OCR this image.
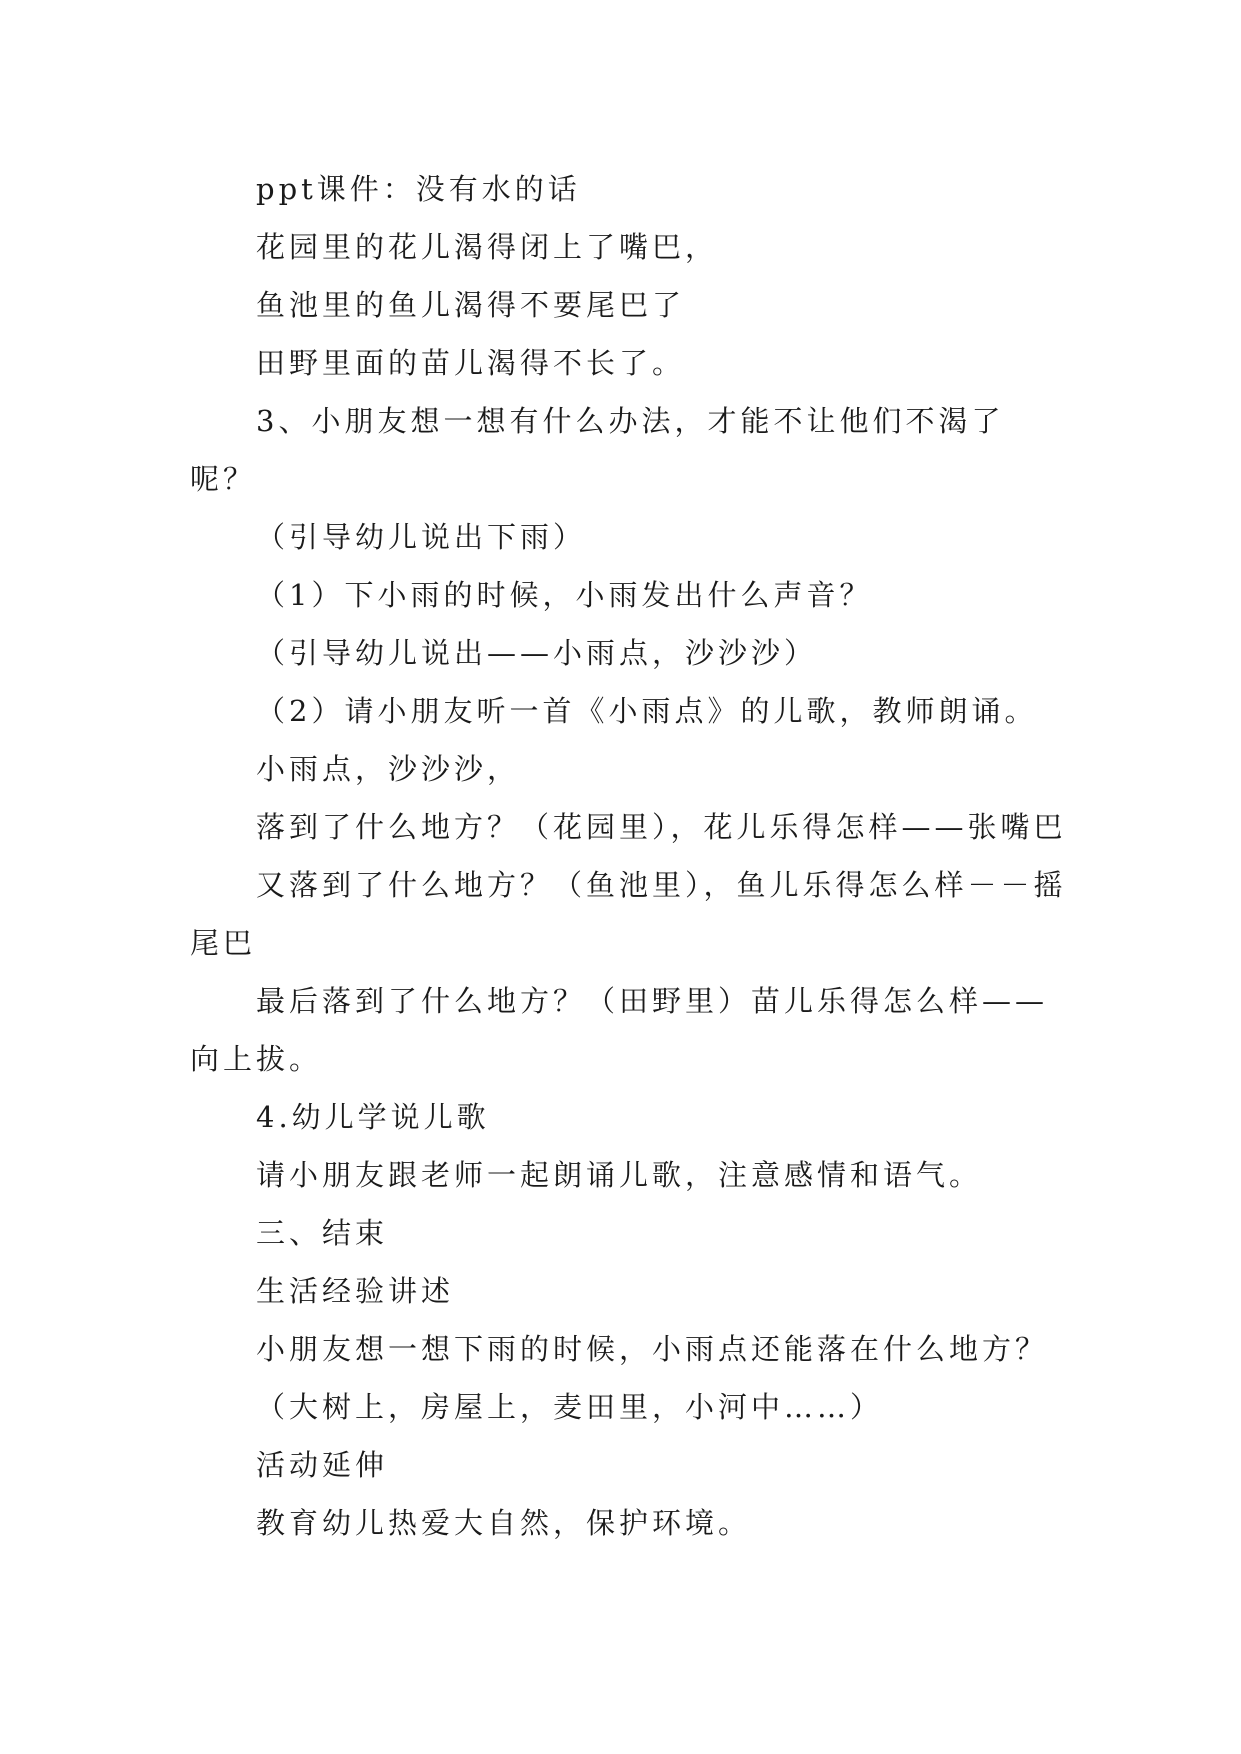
ppt课件：没有水的话

花园里的花儿渴得闭上了嘴巴，

鱼池里的鱼儿渴得不要尾巴了

田野里面的苗儿渴得不长了。

3、小朋友想一想有什么办法，才能不让他们不渴了呢？

（引导幼儿说出下雨）

（1）下小雨的时候，小雨发出什么声音？

（引导幼儿说出——小雨点，沙沙沙）

（2）请小朋友听一首《小雨点》的儿歌，教师朗诵。

小雨点，沙沙沙，

落到了什么地方？（花园里），花儿乐得怎样——张嘴巴

又落到了什么地方？（鱼池里），鱼儿乐得怎么样－－摇尾巴

最后落到了什么地方？（田野里）苗儿乐得怎么样——向上拔。

4.幼儿学说儿歌

请小朋友跟老师一起朗诵儿歌，注意感情和语气。

三、结束

生活经验讲述

小朋友想一想下雨的时候，小雨点还能落在什么地方？

（大树上，房屋上，麦田里，小河中……）

活动延伸

教育幼儿热爱大自然，保护环境。
